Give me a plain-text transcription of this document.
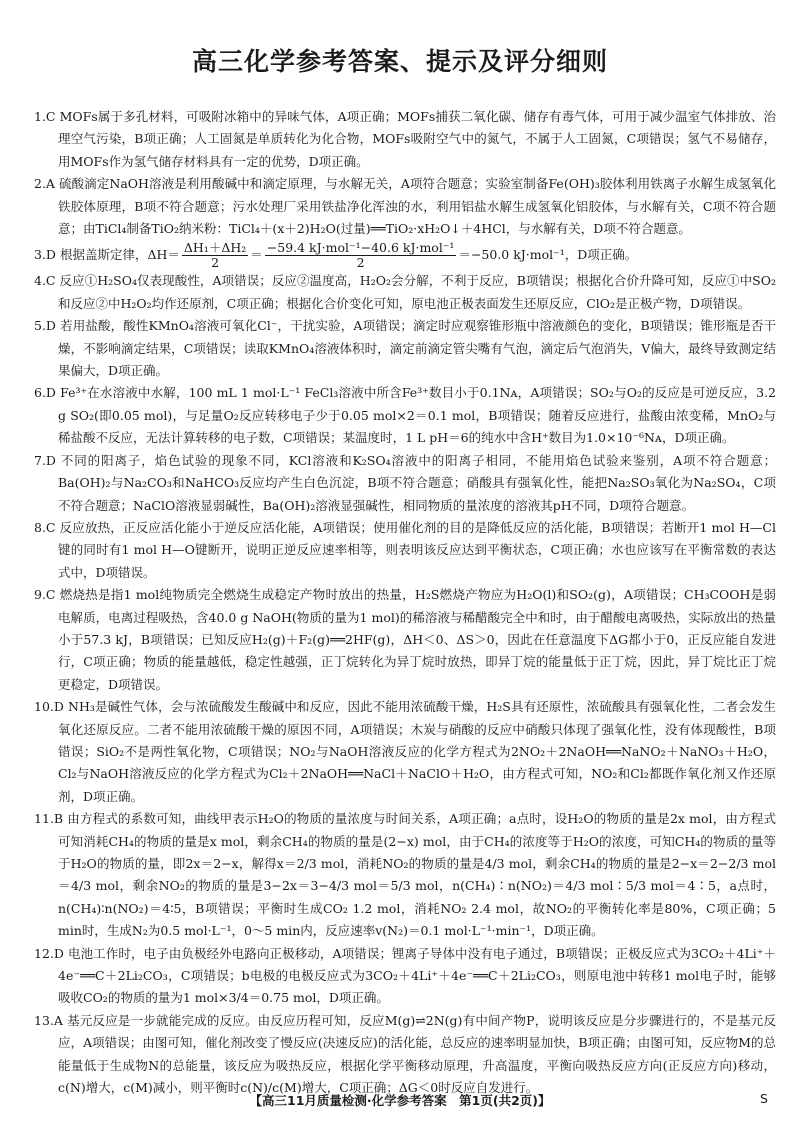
高三化学参考答案、提示及评分细则

1.C MOFs属于多孔材料，可吸附冰箱中的异味气体，A项正确；MOFs捕获二氧化碳、储存有毒气体，可用于减少温室气体排放、治理空气污染，B项正确；人工固氮是单质转化为化合物，MOFs吸附空气中的氮气，不属于人工固氮，C项错误；氢气不易储存，用MOFs作为氢气储存材料具有一定的优势，D项正确。

2.A 硫酸滴定NaOH溶液是利用酸碱中和滴定原理，与水解无关，A项符合题意；实验室制备Fe(OH)₃胶体利用铁离子水解生成氢氧化铁胶体原理，B项不符合题意；污水处理厂采用铁盐净化浑浊的水，利用铝盐水解生成氢氧化铝胶体，与水解有关，C项不符合题意；由TiCl₄制备TiO₂纳米粉：TiCl₄＋(x＋2)H₂O(过量)══TiO₂·xH₂O↓＋4HCl，与水解有关，D项不符合题意。

3.D 根据盖斯定律，$\Delta H= \frac{\text{ΔH₁＋ΔH₂}}{2} = \frac{\text{−59.4 kJ·mol⁻¹−40.6 kJ·mol⁻¹}}{2} =-50.0$ kJ·mol⁻¹，D项正确。

4.C 反应①H₂SO₄仅表现酸性，A项错误；反应②温度高，H₂O₂会分解，不利于反应，B项错误；根据化合价升降可知，反应①中SO₂和反应②中H₂O₂均作还原剂，C项正确；根据化合价变化可知，原电池正极表面发生还原反应，ClO₂是正极产物，D项错误。

5.D 若用盐酸，酸性KMnO₄溶液可氧化Cl⁻，干扰实验，A项错误；滴定时应观察锥形瓶中溶液颜色的变化，B项错误；锥形瓶是否干燥，不影响滴定结果，C项错误；读取KMnO₄溶液体积时，滴定前滴定管尖嘴有气泡，滴定后气泡消失，V偏大，最终导致测定结果偏大，D项正确。

6.D Fe³⁺在水溶液中水解，100 mL 1 mol·L⁻¹ FeCl₃溶液中所含Fe³⁺数目小于0.1Nᴀ，A项错误；SO₂与O₂的反应是可逆反应，3.2 g SO₂(即0.05 mol)，与足量O₂反应转移电子少于0.05 mol×2＝0.1 mol，B项错误；随着反应进行，盐酸由浓变稀，MnO₂与稀盐酸不反应，无法计算转移的电子数，C项错误；某温度时，1 L pH＝6的纯水中含H⁺数目为1.0×10⁻⁶Nᴀ，D项正确。

7.D 不同的阳离子，焰色试验的现象不同，KCl溶液和K₂SO₄溶液中的阳离子相同，不能用焰色试验来鉴别，A项不符合题意；Ba(OH)₂与Na₂CO₃和NaHCO₃反应均产生白色沉淀，B项不符合题意；硝酸具有强氧化性，能把Na₂SO₃氧化为Na₂SO₄，C项不符合题意；NaClO溶液显弱碱性，Ba(OH)₂溶液显强碱性，相同物质的量浓度的溶液其pH不同，D项符合题意。

8.C 反应放热，正反应活化能小于逆反应活化能，A项错误；使用催化剂的目的是降低反应的活化能，B项错误；若断开1 mol H—Cl键的同时有1 mol H—O键断开，说明正逆反应速率相等，则表明该反应达到平衡状态，C项正确；水也应该写在平衡常数的表达式中，D项错误。

9.C 燃烧热是指1 mol纯物质完全燃烧生成稳定产物时放出的热量，H₂S燃烧产物应为H₂O(l)和SO₂(g)，A项错误；CH₃COOH是弱电解质，电离过程吸热，含40.0 g NaOH(物质的量为1 mol)的稀溶液与稀醋酸完全中和时，由于醋酸电离吸热，实际放出的热量小于57.3 kJ，B项错误；已知反应H₂(g)＋F₂(g)══2HF(g)，ΔH＜0、ΔS＞0，因此在任意温度下ΔG都小于0，正反应能自发进行，C项正确；物质的能量越低，稳定性越强，正丁烷转化为异丁烷时放热，即异丁烷的能量低于正丁烷，因此，异丁烷比正丁烷更稳定，D项错误。

10.D NH₃是碱性气体，会与浓硫酸发生酸碱中和反应，因此不能用浓硫酸干燥，H₂S具有还原性，浓硫酸具有强氧化性，二者会发生氧化还原反应。二者不能用浓硫酸干燥的原因不同，A项错误；木炭与硝酸的反应中硝酸只体现了强氧化性，没有体现酸性，B项错误；SiO₂不是两性氧化物，C项错误；NO₂与NaOH溶液反应的化学方程式为2NO₂＋2NaOH══NaNO₂＋NaNO₃＋H₂O，Cl₂与NaOH溶液反应的化学方程式为Cl₂＋2NaOH══NaCl＋NaClO＋H₂O，由方程式可知，NO₂和Cl₂都既作氧化剂又作还原剂，D项正确。

11.B 由方程式的系数可知，曲线甲表示H₂O的物质的量浓度与时间关系，A项正确；a点时，设H₂O的物质的量是2x mol，由方程式可知消耗CH₄的物质的量是x mol，剩余CH₄的物质的量是(2−x) mol，由于CH₄的浓度等于H₂O的浓度，可知CH₄的物质的量等于H₂O的物质的量，即2x＝2−x，解得x＝2/3 mol，消耗NO₂的物质的量是4/3 mol，剩余CH₄的物质的量是2−x＝2−2/3 mol＝4/3 mol，剩余NO₂的物质的量是3−2x＝3−4/3 mol＝5/3 mol，n(CH₄)∶n(NO₂)＝4/3 mol∶5/3 mol＝4∶5，a点时，n(CH₄)∶n(NO₂)＝4∶5，B项错误；平衡时生成CO₂ 1.2 mol，消耗NO₂ 2.4 mol，故NO₂的平衡转化率是80%，C项正确；5 min时，生成N₂为0.5 mol·L⁻¹，0～5 min内，反应速率v(N₂)＝0.1 mol·L⁻¹·min⁻¹，D项正确。

12.D 电池工作时，电子由负极经外电路向正极移动，A项错误；锂离子导体中没有电子通过，B项错误；正极反应式为3CO₂＋4Li⁺＋4e⁻══C＋2Li₂CO₃，C项错误；b电极的电极反应式为3CO₂＋4Li⁺＋4e⁻══C＋2Li₂CO₃，则原电池中转移1 mol电子时，能够吸收CO₂的物质的量为1 mol×3/4＝0.75 mol，D项正确。

13.A 基元反应是一步就能完成的反应。由反应历程可知，反应M(g)⇌2N(g)有中间产物P，说明该反应是分步骤进行的，不是基元反应，A项错误；由图可知，催化剂改变了慢反应(决速反应)的活化能，总反应的速率明显加快，B项正确；由图可知，反应物M的总能量低于生成物N的总能量，该反应为吸热反应，根据化学平衡移动原理，升高温度，平衡向吸热反应方向(正反应方向)移动，c(N)增大，c(M)减小，则平衡时c(N)/c(M)增大，C项正确；ΔG＜0时反应自发进行。

【高三11月质量检测·化学参考答案　第1页(共2页)】	S
